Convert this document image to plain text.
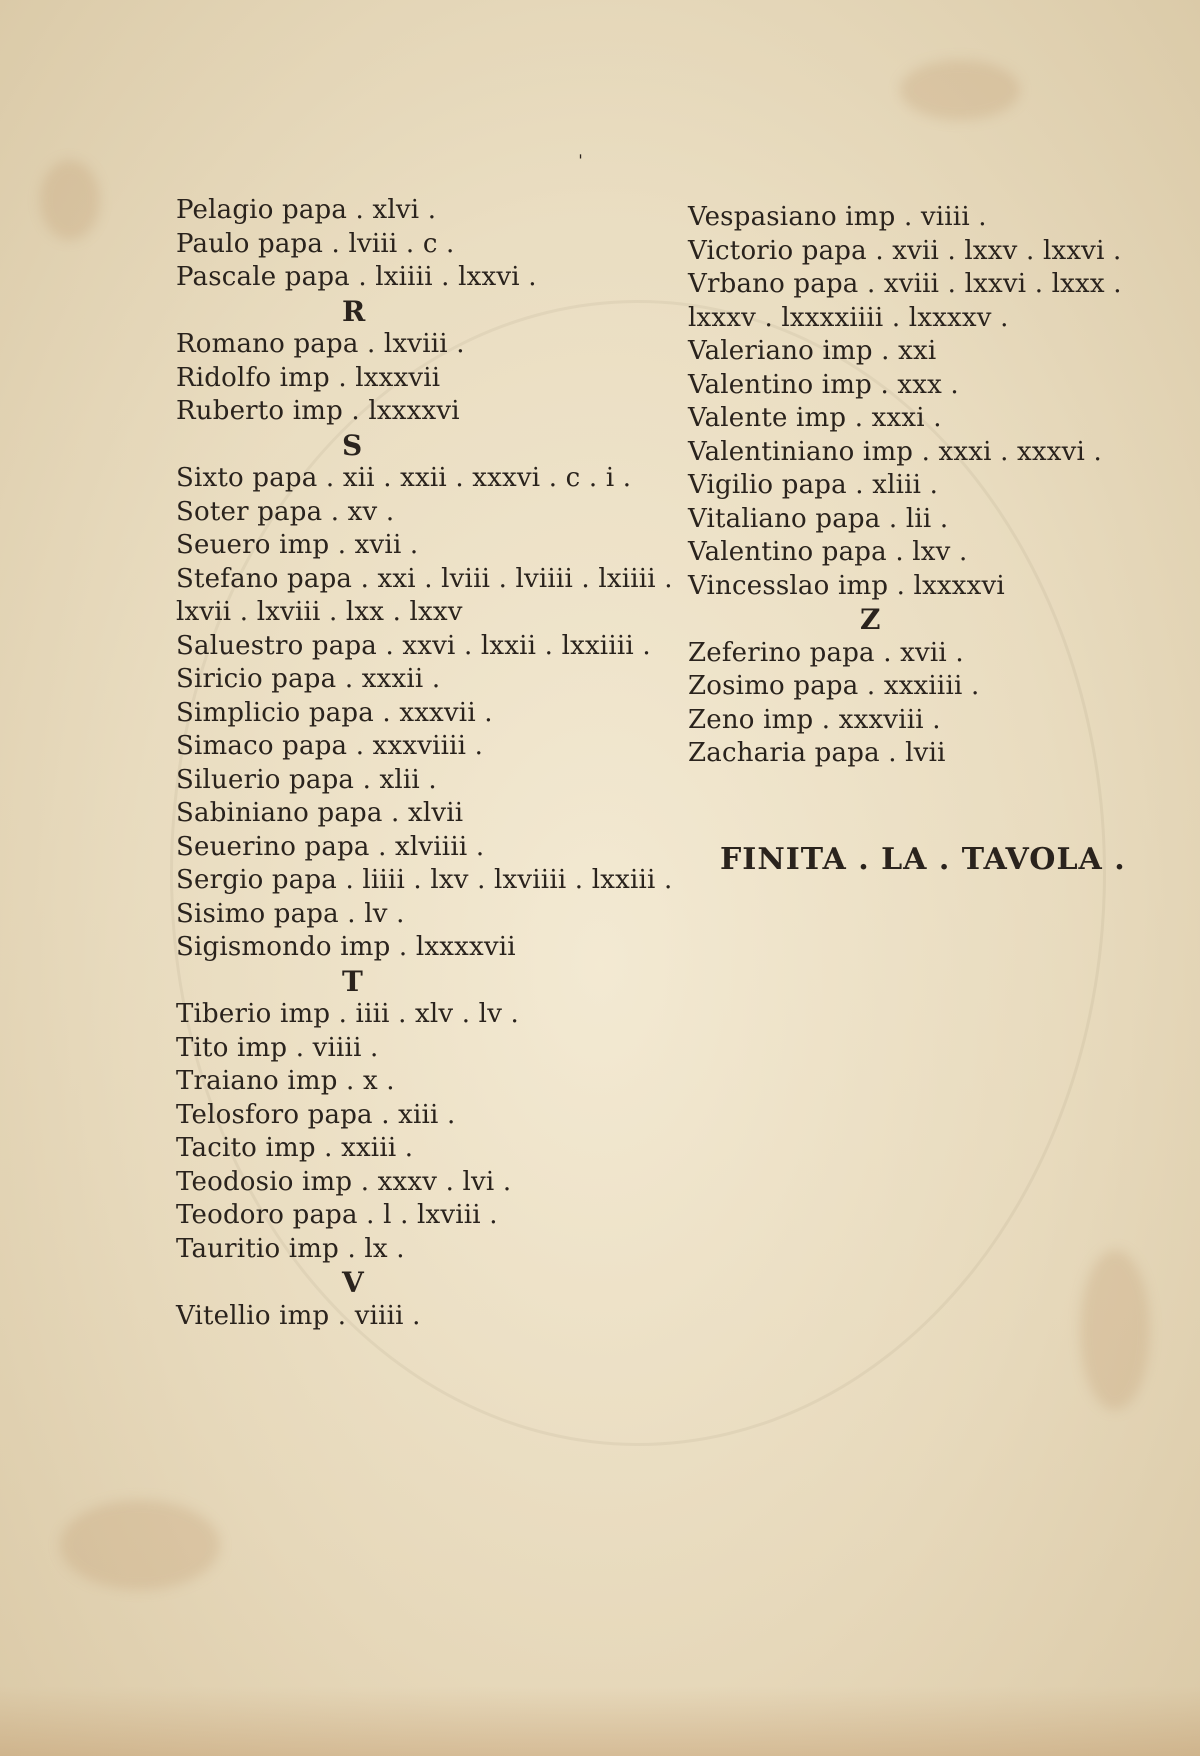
ˈ
Pelagio papa . xlvi .
Paulo papa . lviii . c .
Pascale papa . lxiiii . lxxvi .
R
Romano papa . lxviii .
Ridolfo imp . lxxxvii
Ruberto imp . lxxxxvi
S
Sixto papa . xii . xxii . xxxvi . c . i .
Soter papa . xv .
Seuero imp . xvii .
Stefano papa . xxi . lviii . lviiii . lxiiii .
lxvii . lxviii . lxx . lxxv
Saluestro papa . xxvi . lxxii . lxxiiii .
Siricio papa . xxxii .
Simplicio papa . xxxvii .
Simaco papa . xxxviiii .
Siluerio papa . xlii .
Sabiniano papa . xlvii
Seuerino papa . xlviiii .
Sergio papa . liiii . lxv . lxviiii . lxxiii .
Sisimo papa . lv .
Sigismondo imp . lxxxxvii
T
Tiberio imp . iiii . xlv . lv .
Tito imp . viiii .
Traiano imp . x .
Telosforo papa . xiii .
Tacito imp . xxiii .
Teodosio imp . xxxv . lvi .
Teodoro papa . l . lxviii .
Tauritio imp . lx .
V
Vitellio imp . viiii .
Vespasiano imp . viiii .
Victorio papa . xvii . lxxv . lxxvi .
Vrbano papa . xviii . lxxvi . lxxx .
lxxxv . lxxxxiiii . lxxxxv .
Valeriano imp . xxi
Valentino imp . xxx .
Valente imp . xxxi .
Valentiniano imp . xxxi . xxxvi .
Vigilio papa . xliii .
Vitaliano papa . lii .
Valentino papa . lxv .
Vincesslao imp . lxxxxvi
Z
Zeferino papa . xvii .
Zosimo papa . xxxiiii .
Zeno imp . xxxviii .
Zacharia papa . lvii
FINITA . LA . TAVOLA .
